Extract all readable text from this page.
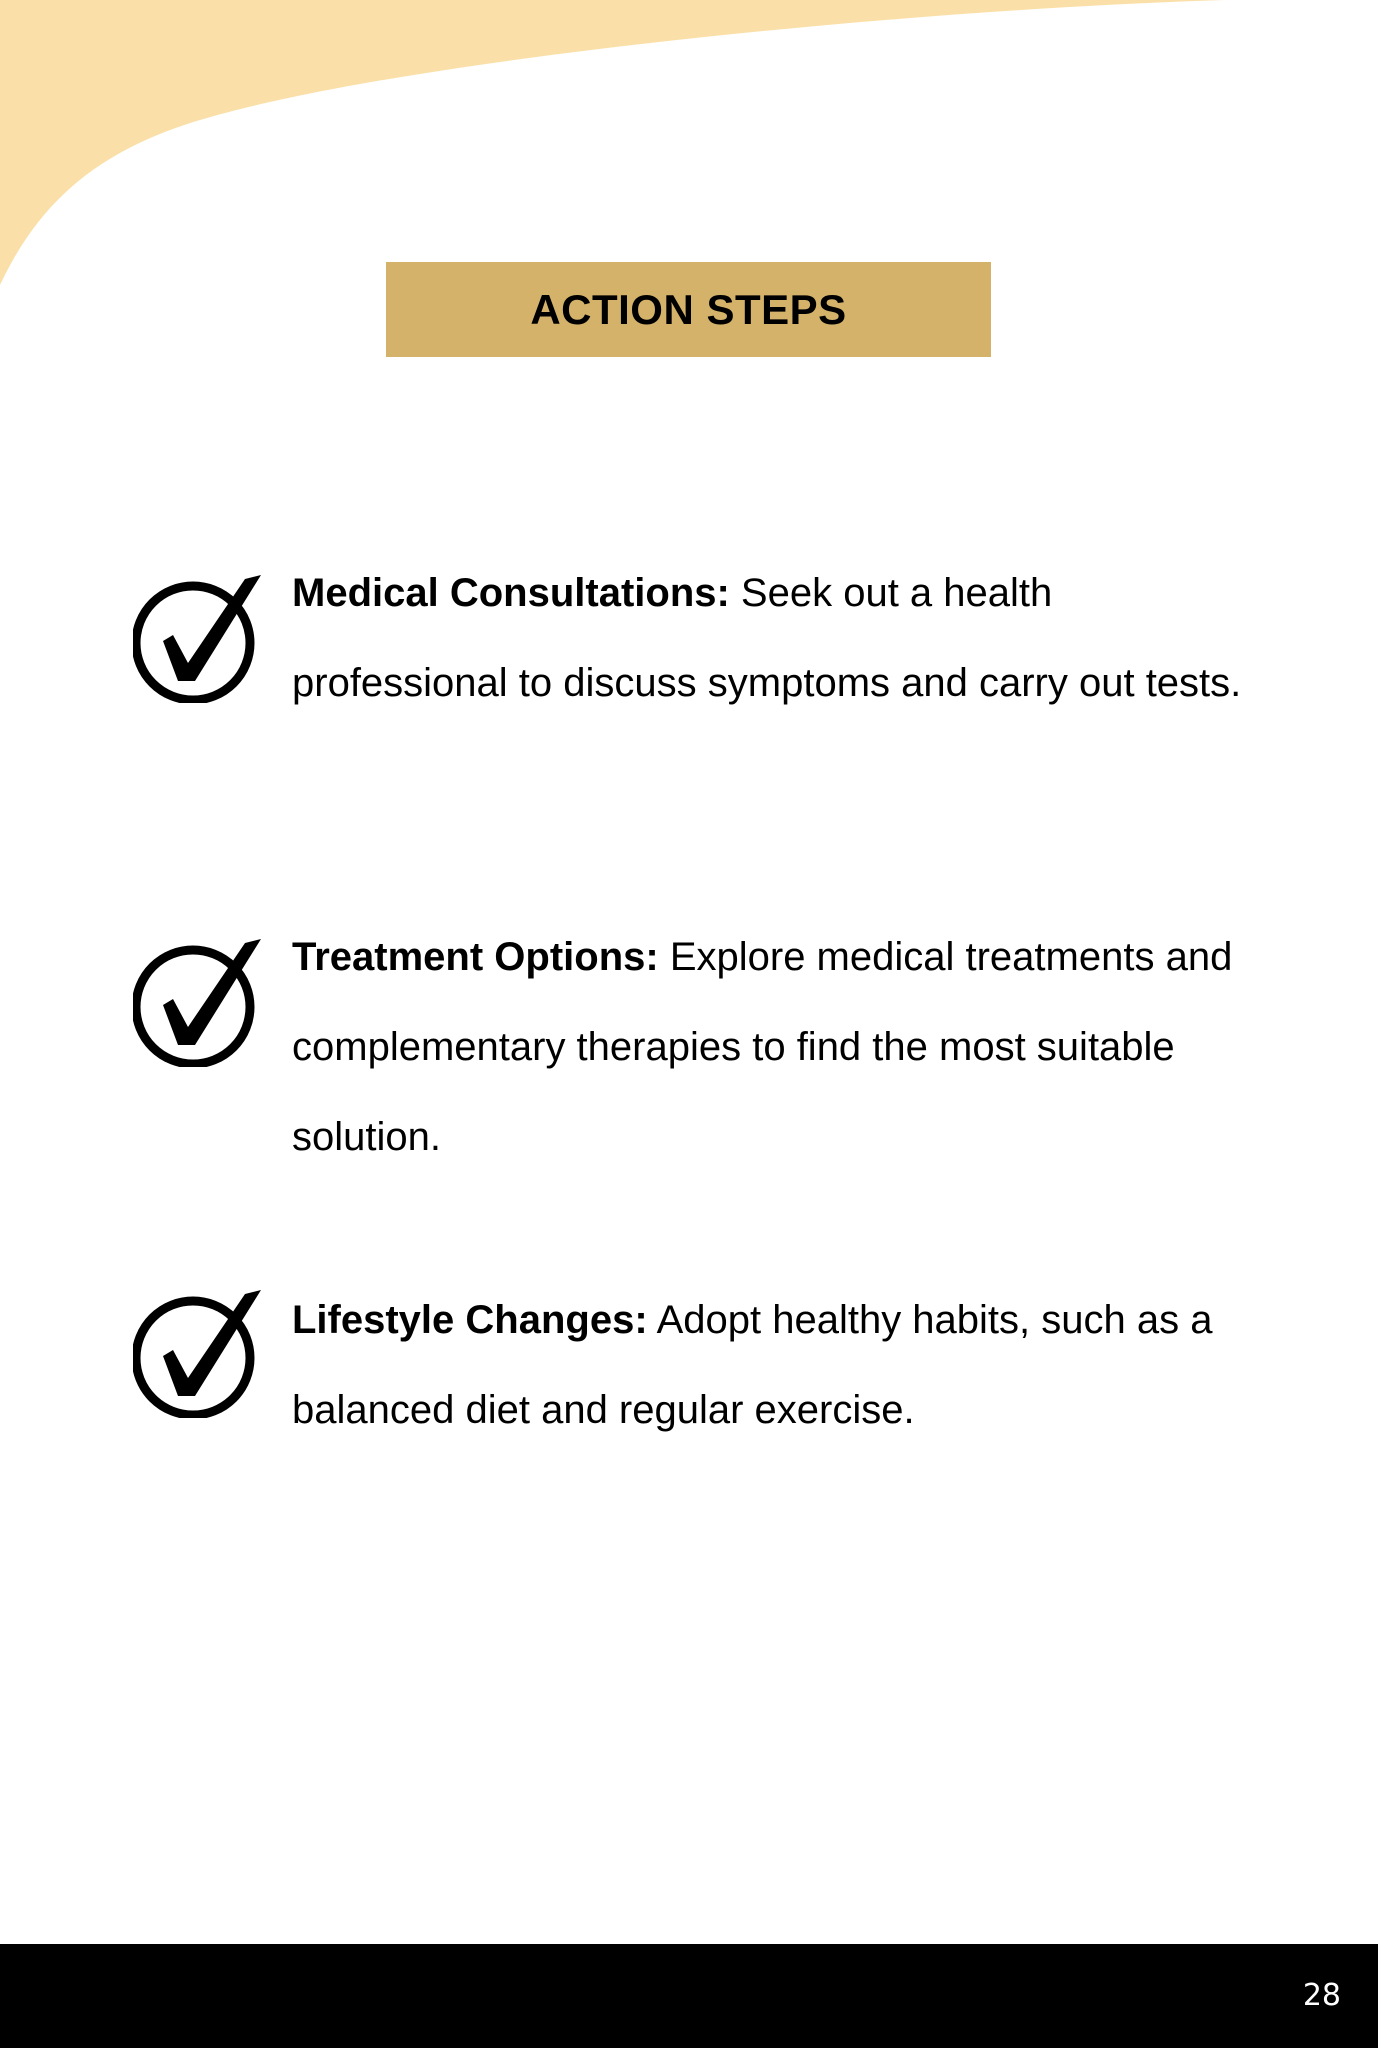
ACTION STEPS
Medical Consultations: Seek out a health professional to discuss symptoms and carry out tests.
Treatment Options: Explore medical treatments and complementary therapies to find the most suitable solution.
Lifestyle Changes: Adopt healthy habits, such as a balanced diet and regular exercise.
28
